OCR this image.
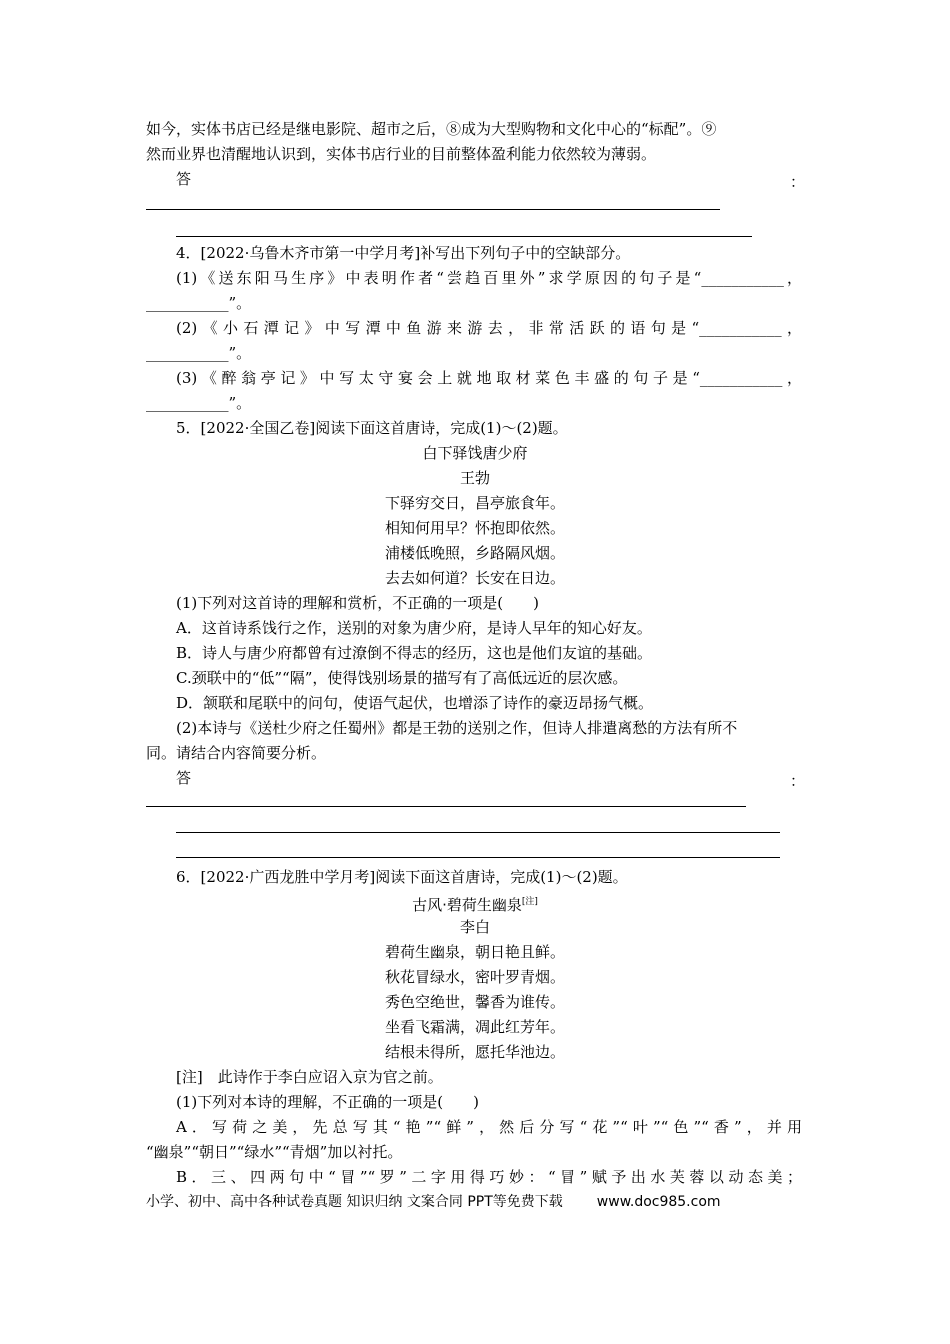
如今，实体书店已经是继电影院、超市之后，⑧成为大型购物和文化中心的“标配”。⑨
然而业界也清醒地认识到，实体书店行业的目前整体盈利能力依然较为薄弱。
答	：
4．[2022·乌鲁木齐市第一中学月考]补写出下列句子中的空缺部分。
(1)《送东阳马生序》中表明作者“尝趋百里外”求学原因的句子是“___________，
___________”。
(2)《小石潭记》中写潭中鱼游来游去，非常活跃的语句是“___________，
___________”。
(3)《醉翁亭记》中写太守宴会上就地取材菜色丰盛的句子是“___________，
___________”。
5．[2022·全国乙卷]阅读下面这首唐诗，完成(1)～(2)题。
白下驿饯唐少府
王勃
下驿穷交日，昌亭旅食年。
相知何用早？怀抱即依然。
浦楼低晚照，乡路隔风烟。
去去如何道？长安在日边。
(1)下列对这首诗的理解和赏析，不正确的一项是(　　)
A．这首诗系饯行之作，送别的对象为唐少府，是诗人早年的知心好友。
B．诗人与唐少府都曾有过潦倒不得志的经历，这也是他们友谊的基础。
C.颈联中的“低”“隔”，使得饯别场景的描写有了高低远近的层次感。
D．颔联和尾联中的问句，使语气起伏，也增添了诗作的豪迈昂扬气概。
(2)本诗与《送杜少府之任蜀州》都是王勃的送别之作，但诗人排遣离愁的方法有所不
同。请结合内容简要分析。
答	：
6．[2022·广西龙胜中学月考]阅读下面这首唐诗，完成(1)～(2)题。
古风·碧荷生幽泉[注]
李白
碧荷生幽泉，朝日艳且鲜。
秋花冒绿水，密叶罗青烟。
秀色空绝世，馨香为谁传。
坐看飞霜满，凋此红芳年。
结根未得所，愿托华池边。
[注]　此诗作于李白应诏入京为官之前。
(1)下列对本诗的理解，不正确的一项是(　　)
A．写荷之美，先总写其“艳”“鲜”，然后分写“花”“叶”“色”“香”，并用
“幽泉”“朝日”“绿水”“青烟”加以衬托。
B．三、四两句中“冒”“罗”二字用得巧妙：“冒”赋予出水芙蓉以动态美；
小学、初中、高中各种试卷真题 知识归纳 文案合同 PPT等免费下载 www.doc985.com
